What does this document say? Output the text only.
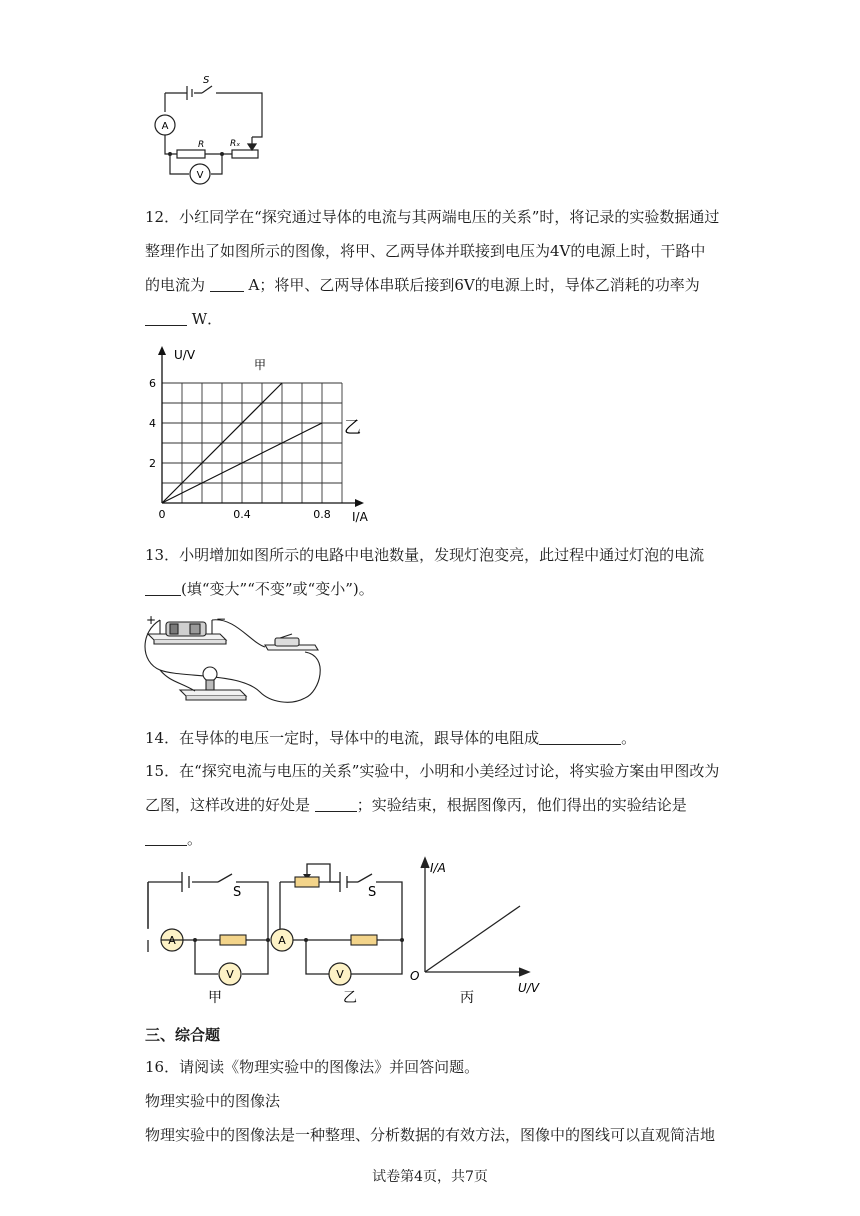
S
R	Rₓ
A
V

12．小红同学在“探究通过导体的电流与其两端电压的关系”时，将记录的实验数据通过
整理作出了如图所示的图像，将甲、乙两导体并联接到电压为4V的电源上时，干路中
的电流为  A；将甲、乙两导体串联后接到6V的电源上时，导体乙消耗的功率为
W．

0	0.4	0.8
2
4
6
甲
乙
U/V
I/A

13．小明增加如图所示的电路中电池数量，发现灯泡变亮，此过程中通过灯泡的电流
(填“变大”“不变”或“变小”)。

+	−

14．在导体的电压一定时，导体中的电流，跟导体的电阻成	。

15．在“探究电流与电压的关系”实验中，小明和小美经过讨论，将实验方案由甲图改为
乙图，这样改进的好处是	；实验结束，根据图像丙，他们得出的实验结论是
。

A
V
S
甲
A
V
S
乙
I/A
U/V
O
丙

三、综合题

16．请阅读《物理实验中的图像法》并回答问题。
物理实验中的图像法
物理实验中的图像法是一种整理、分析数据的有效方法，图像中的图线可以直观简洁地

试卷第4页，共7页
